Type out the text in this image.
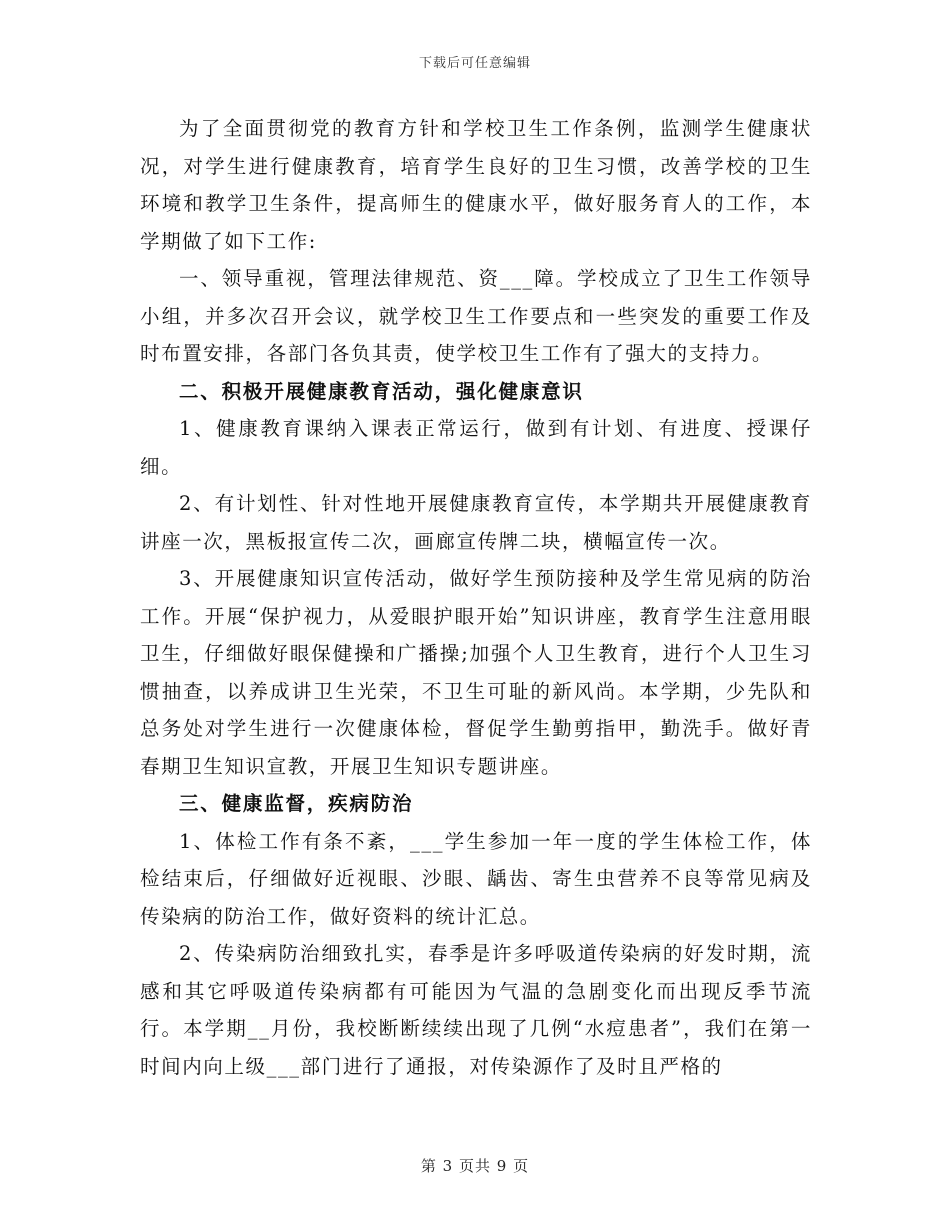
下载后可任意编辑

为了全面贯彻党的教育方针和学校卫生工作条例，监测学生健康状况，对学生进行健康教育，培育学生良好的卫生习惯，改善学校的卫生环境和教学卫生条件，提高师生的健康水平，做好服务育人的工作，本学期做了如下工作:

一、领导重视，管理法律规范、资___障。学校成立了卫生工作领导小组，并多次召开会议，就学校卫生工作要点和一些突发的重要工作及时布置安排，各部门各负其责，使学校卫生工作有了强大的支持力。

二、积极开展健康教育活动，强化健康意识

1、健康教育课纳入课表正常运行，做到有计划、有进度、授课仔细。

2、有计划性、针对性地开展健康教育宣传，本学期共开展健康教育讲座一次，黑板报宣传二次，画廊宣传牌二块，横幅宣传一次。

3、开展健康知识宣传活动，做好学生预防接种及学生常见病的防治工作。开展“保护视力，从爱眼护眼开始”知识讲座，教育学生注意用眼卫生，仔细做好眼保健操和广播操;加强个人卫生教育，进行个人卫生习惯抽查，以养成讲卫生光荣，不卫生可耻的新风尚。本学期，少先队和总务处对学生进行一次健康体检，督促学生勤剪指甲，勤洗手。做好青春期卫生知识宣教，开展卫生知识专题讲座。

三、健康监督，疾病防治

1、体检工作有条不紊，___学生参加一年一度的学生体检工作，体检结束后，仔细做好近视眼、沙眼、龋齿、寄生虫营养不良等常见病及传染病的防治工作，做好资料的统计汇总。

2、传染病防治细致扎实，春季是许多呼吸道传染病的好发时期，流感和其它呼吸道传染病都有可能因为气温的急剧变化而出现反季节流行。本学期__月份，我校断断续续出现了几例“水痘患者”，我们在第一时间内向上级___部门进行了通报，对传染源作了及时且严格的

第 3 页共 9 页
